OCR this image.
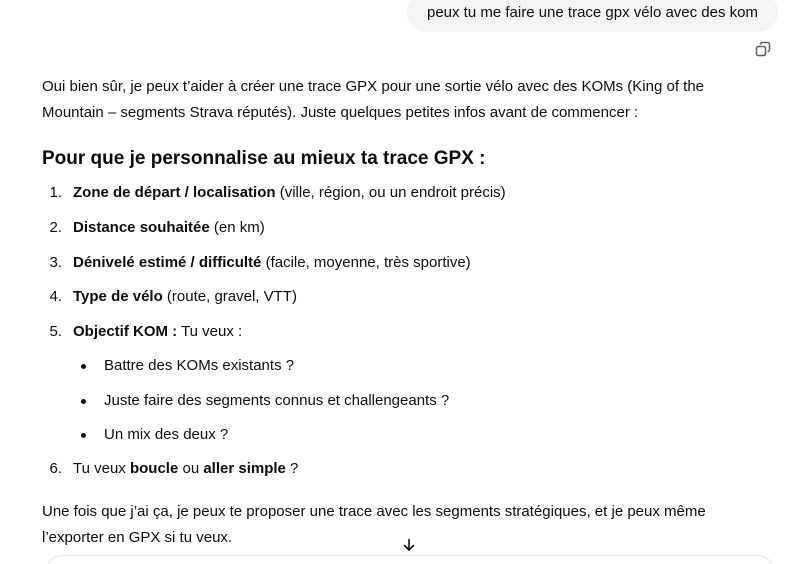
peux tu me faire une trace gpx vélo avec des kom

Oui bien sûr, je peux t’aider à créer une trace GPX pour une sortie vélo avec des KOMs (King of the Mountain – segments Strava réputés). Juste quelques petites infos avant de commencer :

Pour que je personnalise au mieux ta trace GPX :
1. Zone de départ / localisation (ville, région, ou un endroit précis)
2. Distance souhaitée (en km)
3. Dénivelé estimé / difficulté (facile, moyenne, très sportive)
4. Type de vélo (route, gravel, VTT)
5. Objectif KOM : Tu veux :
Battre des KOMs existants ?
Juste faire des segments connus et challengeants ?
Un mix des deux ?
6. Tu veux boucle ou aller simple ?

Une fois que j’ai ça, je peux te proposer une trace avec les segments stratégiques, et je peux même l’exporter en GPX si tu veux.
